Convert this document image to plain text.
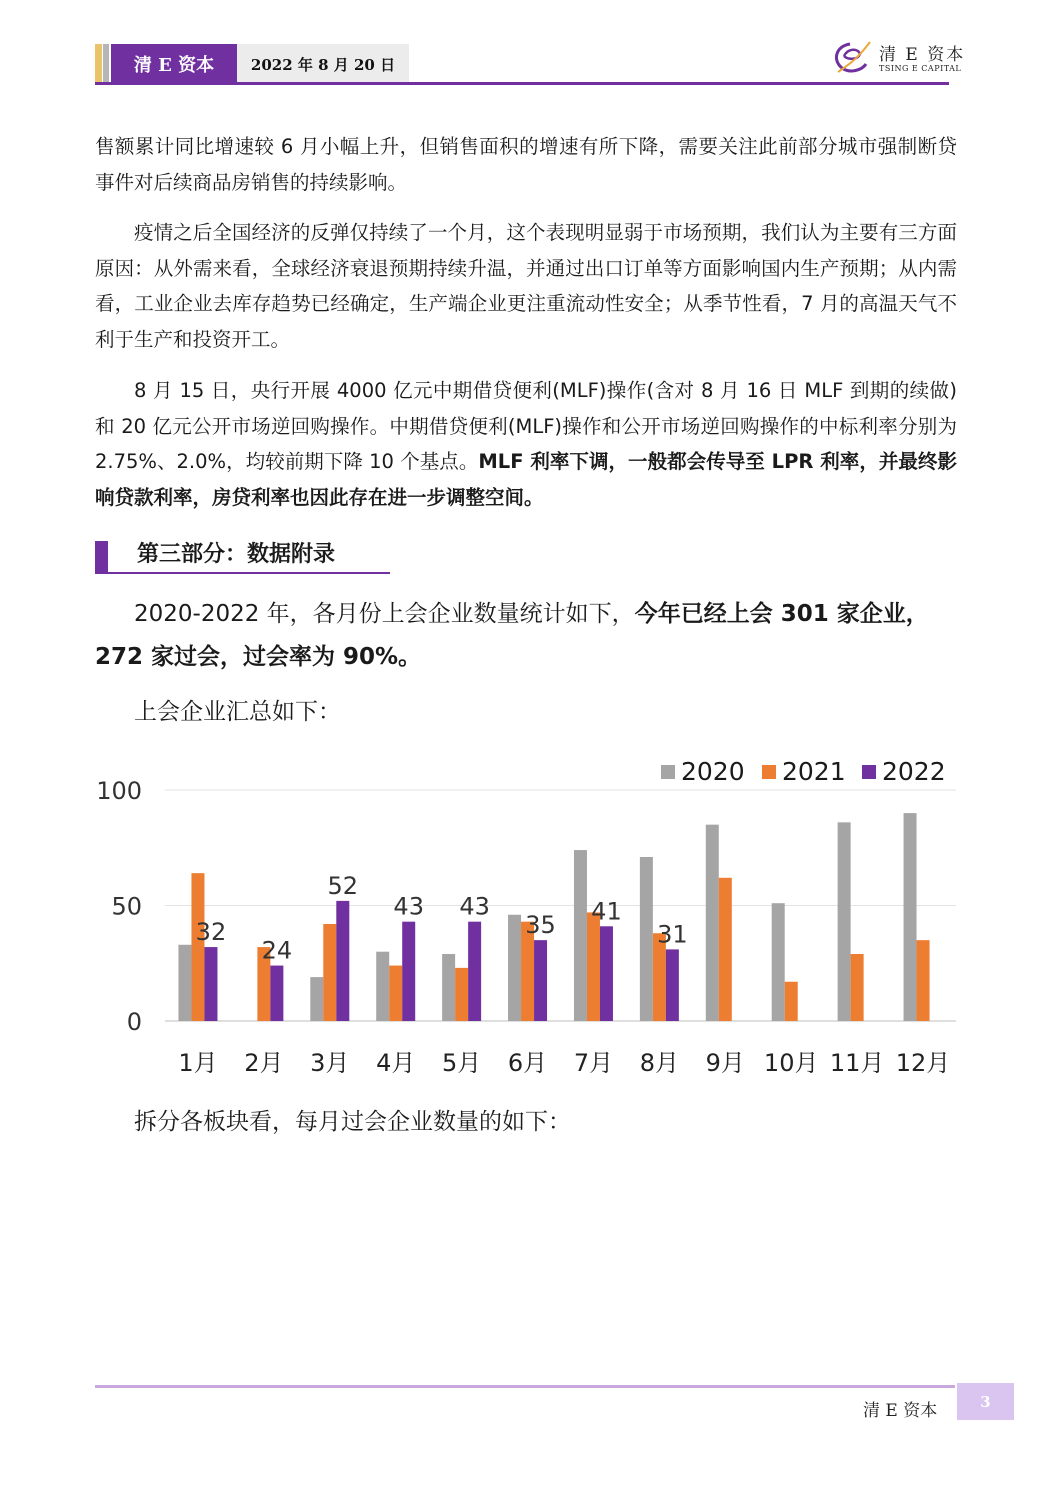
清 E 资本	2022 年 8 月 20 日	清 E 资本
TSING E CAPITAL

售额累计同比增速较 6 月小幅上升，但销售面积的增速有所下降，需要关注此前部分城市强制断贷事件对后续商品房销售的持续影响。

疫情之后全国经济的反弹仅持续了一个月，这个表现明显弱于市场预期，我们认为主要有三方面原因：从外需来看，全球经济衰退预期持续升温，并通过出口订单等方面影响国内生产预期；从内需看，工业企业去库存趋势已经确定，生产端企业更注重流动性安全；从季节性看，7 月的高温天气不利于生产和投资开工。

8 月 15 日，央行开展 4000 亿元中期借贷便利(MLF)操作(含对 8 月 16 日 MLF 到期的续做)和 20 亿元公开市场逆回购操作。中期借贷便利(MLF)操作和公开市场逆回购操作的中标利率分别为 2.75%、2.0%，均较前期下降 10 个基点。MLF 利率下调，一般都会传导至 LPR 利率，并最终影响贷款利率，房贷利率也因此存在进一步调整空间。

第三部分：数据附录

2020-2022 年，各月份上会企业数量统计如下，今年已经上会 301 家企业，272 家过会，过会率为 90%。

上会企业汇总如下：

2020 2021 2022
0
50
100
32
1月
24
2月
52
3月
43
4月
43
5月
35
6月
41
7月
31
8月 9月 10月 11月 12月

拆分各板块看，每月过会企业数量的如下：

清 E 资本	3
